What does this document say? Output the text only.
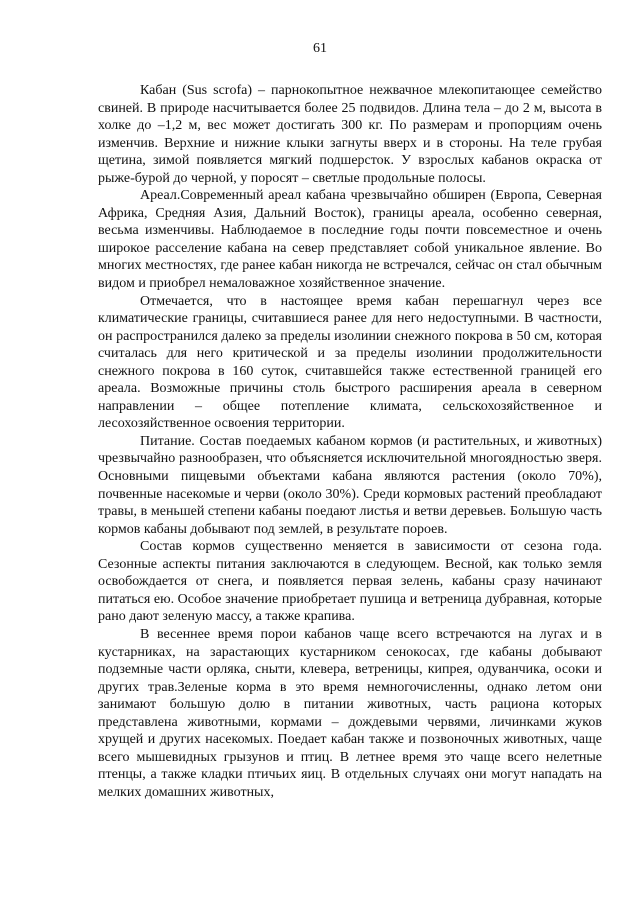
61

Кабан (Sus scrofa) – парнокопытное нежвачное млекопитающее семейство свиней. В природе насчитывается более 25 подвидов. Длина тела – до 2 м, высота в холке до –1,2 м, вес может достигать 300 кг. По размерам и пропорциям очень изменчив. Верхние и нижние клыки загнуты вверх и в стороны. На теле грубая щетина, зимой появляется мягкий подшерсток. У взрослых кабанов окраска от рыже-бурой до черной, у поросят – светлые продольные полосы.

Ареал.Современный ареал кабана чрезвычайно обширен (Европа, Северная Африка, Средняя Азия, Дальний Восток), границы ареала, особенно северная, весьма изменчивы. Наблюдаемое в последние годы почти повсеместное и очень широкое расселение кабана на север представляет собой уникальное явление. Во многих местностях, где ранее кабан никогда не встречался, сейчас он стал обычным видом и приобрел немаловажное хозяйственное значение.

Отмечается, что в настоящее время кабан перешагнул через все климатические границы, считавшиеся ранее для него недоступными. В частности, он распространился далеко за пределы изолинии снежного покрова в 50 см, которая считалась для него критической и за пределы изолинии продолжительности снежного покрова в 160 суток, считавшейся также естественной границей его ареала. Возможные причины столь быстрого расширения ареала в северном направлении – общее потепление климата, сельскохозяйственное и лесохозяйственное освоения территории.

Питание. Состав поедаемых кабаном кормов (и растительных, и животных) чрезвычайно разнообразен, что объясняется исключительной многоядностью зверя. Основными пищевыми объектами кабана являются растения (около 70%), почвенные насекомые и черви (около 30%). Среди кормовых растений преобладают травы, в меньшей степени кабаны поедают листья и ветви деревьев. Большую часть кормов кабаны добывают под землей, в результате пороев.

Состав кормов существенно меняется в зависимости от сезона года. Сезонные аспекты питания заключаются в следующем. Весной, как только земля освобождается от снега, и появляется первая зелень, кабаны сразу начинают питаться ею. Особое значение приобретает пушица и ветреница дубравная, которые рано дают зеленую массу, а также крапива.

В весеннее время порои кабанов чаще всего встречаются на лугах и в кустарниках, на зарастающих кустарником сенокосах, где кабаны добывают подземные части орляка, сныти, клевера, ветреницы, кипрея, одуванчика, осоки и других трав.Зеленые корма в это время немногочисленны, однако летом они занимают большую долю в питании животных, часть рациона которых представлена животными, кормами – дождевыми червями, личинками жуков хрущей и других насекомых. Поедает кабан также и позвоночных животных, чаще всего мышевидных грызунов и птиц. В летнее время это чаще всего нелетные птенцы, а также кладки птичьих яиц. В отдельных случаях они могут нападать на мелких домашних животных,
